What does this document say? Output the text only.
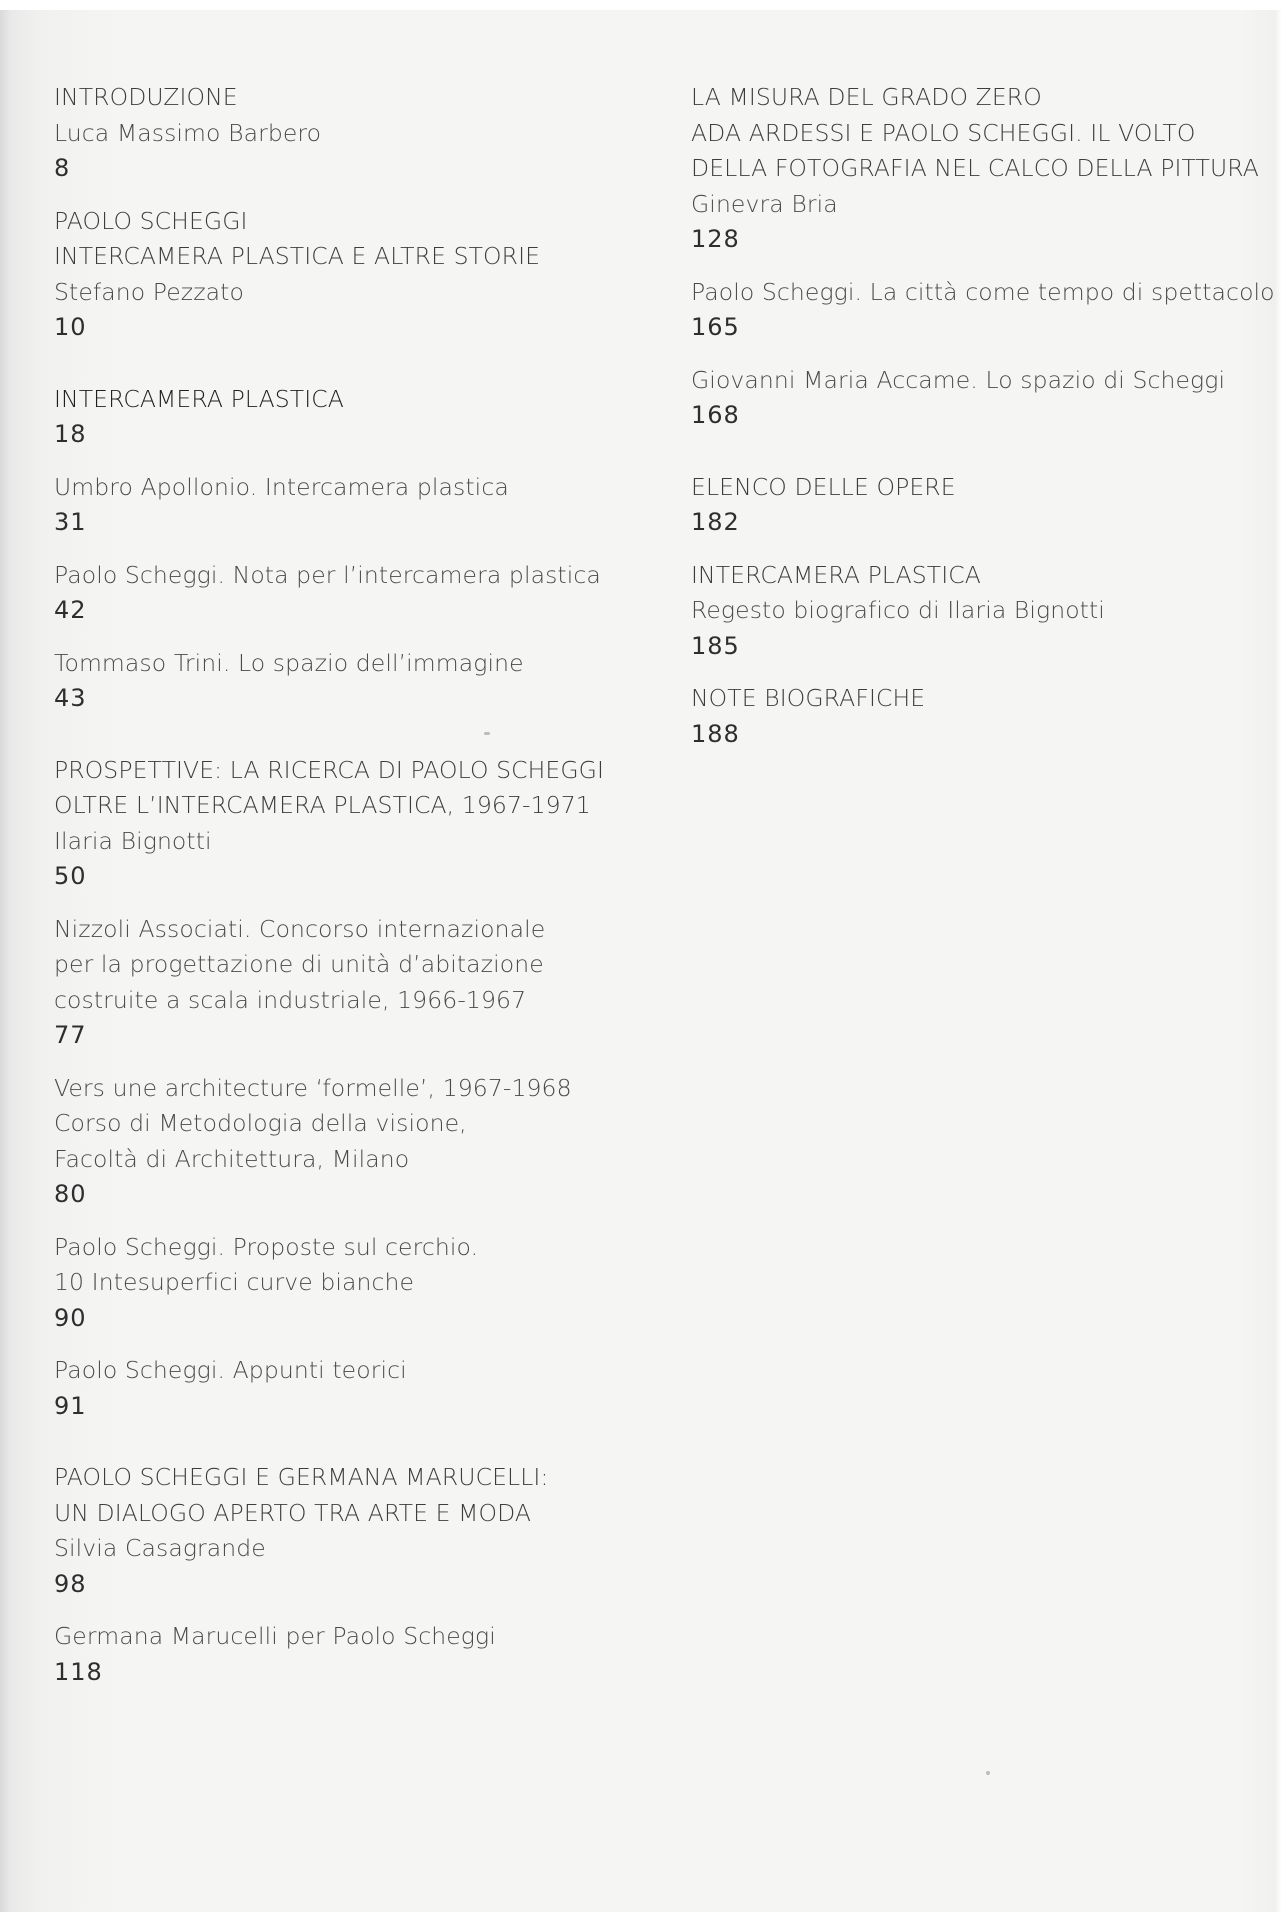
INTRODUZIONE
Luca Massimo Barbero
8
PAOLO SCHEGGI
INTERCAMERA PLASTICA E ALTRE STORIE
Stefano Pezzato
10
INTERCAMERA PLASTICA
18
Umbro Apollonio. Intercamera plastica
31
Paolo Scheggi. Nota per l’intercamera plastica
42
Tommaso Trini. Lo spazio dell’immagine
43
PROSPETTIVE: LA RICERCA DI PAOLO SCHEGGI
OLTRE L’INTERCAMERA PLASTICA, 1967-1971
Ilaria Bignotti
50
Nizzoli Associati. Concorso internazionale
per la progettazione di unità d’abitazione
costruite a scala industriale, 1966-1967
77
Vers une architecture ‘formelle’, 1967-1968
Corso di Metodologia della visione,
Facoltà di Architettura, Milano
80
Paolo Scheggi. Proposte sul cerchio.
10 Intesuperfici curve bianche
90
Paolo Scheggi. Appunti teorici
91
PAOLO SCHEGGI E GERMANA MARUCELLI:
UN DIALOGO APERTO TRA ARTE E MODA
Silvia Casagrande
98
Germana Marucelli per Paolo Scheggi
118
LA MISURA DEL GRADO ZERO
ADA ARDESSI E PAOLO SCHEGGI. IL VOLTO
DELLA FOTOGRAFIA NEL CALCO DELLA PITTURA
Ginevra Bria
128
Paolo Scheggi. La città come tempo di spettacolo
165
Giovanni Maria Accame. Lo spazio di Scheggi
168
ELENCO DELLE OPERE
182
INTERCAMERA PLASTICA
Regesto biografico di Ilaria Bignotti
185
NOTE BIOGRAFICHE
188
